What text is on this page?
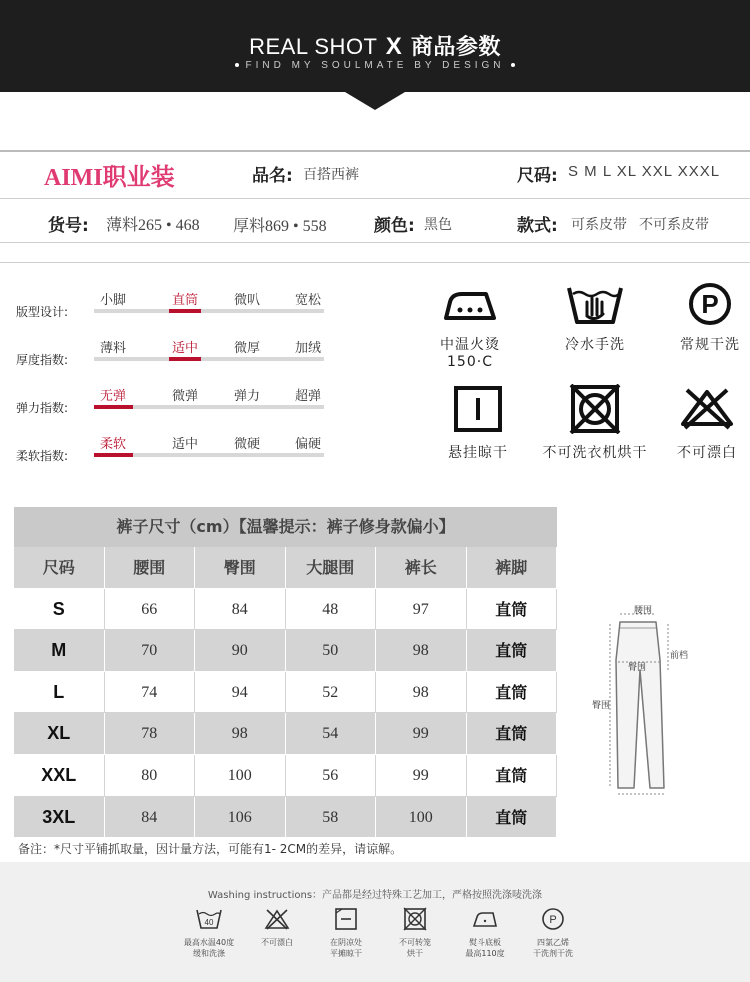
REAL SHOT X 商品参数
FIND MY SOULMATE BY DESIGN
AIMI职业装	品名: 百搭西裤	尺码: S M L XL XXL XXXL
货号: 薄料265 • 468 厚料869 • 558	颜色: 黑色	款式: 可系皮带 不可系皮带
版型设计:
小脚	直筒	微叭	宽松
厚度指数:
薄料	适中	微厚	加绒
弹力指数:
无弹	微弹	弹力	超弹
柔软指数:
柔软	适中	微硬	偏硬
中温火烫 150·C
冷水手洗
P
常规干洗
悬挂晾干	不可洗衣机烘干	不可漂白
裤子尺寸（cm）【温馨提示：裤子修身款偏小】
尺码	腰围	臀围	大腿围	裤长	裤脚
S	66	84	48	97	直筒
M	70	90	50	98	直筒
L	74	94	52	98	直筒
XL	78	98	54	99	直筒
XXL	80	100	56	99	直筒
3XL	84	106	58	100	直筒
腰围
前档
臀围
臀围
备注：*尺寸平铺抓取量，因计量方法，可能有1- 2CM的差异，请谅解。
Washing instructions：产品都是经过特殊工艺加工，严格按照洗涤唛洗涤
40
最高水温40度
缓和洗涤
不可漂白	在阴凉处
平摊晾干
不可转笼
烘干
熨斗底板
最高110度
P
四氯乙烯
干洗剂干洗
